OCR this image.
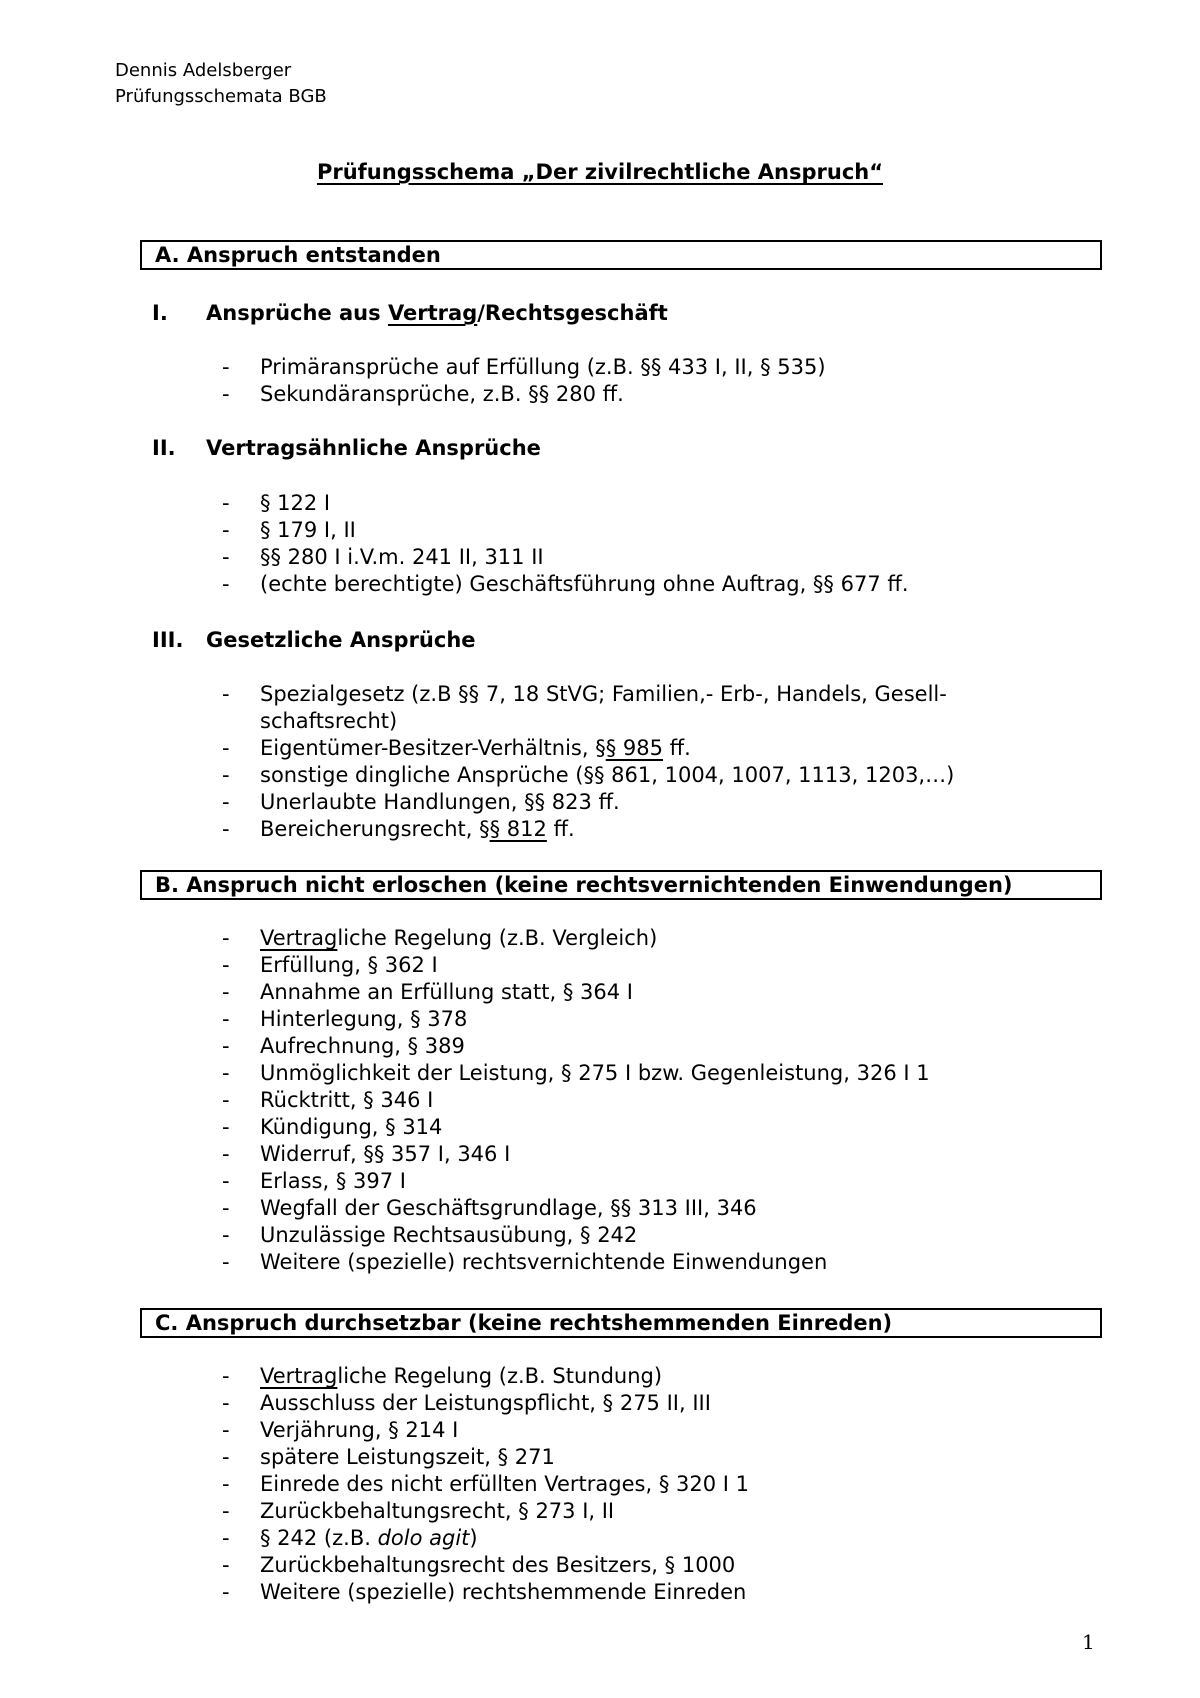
Dennis Adelsberger
Prüfungsschemata BGB
Prüfungsschema „Der zivilrechtliche Anspruch“
A. Anspruch entstanden
I. Ansprüche aus Vertrag/Rechtsgeschäft
- Primäransprüche auf Erfüllung (z.B. §§ 433 I, II, § 535)
- Sekundäransprüche, z.B. §§ 280 ff.
II. Vertragsähnliche Ansprüche
- § 122 I
- § 179 I, II
- §§ 280 I i.V.m. 241 II, 311 II
- (echte berechtigte) Geschäftsführung ohne Auftrag, §§ 677 ff.
III. Gesetzliche Ansprüche
- Spezialgesetz (z.B §§ 7, 18 StVG; Familien,- Erb-, Handels, Gesell-
schaftsrecht)
- Eigentümer-Besitzer-Verhältnis, §§ 985 ff.
- sonstige dingliche Ansprüche (§§ 861, 1004, 1007, 1113, 1203,…)
- Unerlaubte Handlungen, §§ 823 ff.
- Bereicherungsrecht, §§ 812 ff.
B. Anspruch nicht erloschen (keine rechtsvernichtenden Einwendungen)
- Vertragliche Regelung (z.B. Vergleich)
- Erfüllung, § 362 I
- Annahme an Erfüllung statt, § 364 I
- Hinterlegung, § 378
- Aufrechnung, § 389
- Unmöglichkeit der Leistung, § 275 I bzw. Gegenleistung, 326 I 1
- Rücktritt, § 346 I
- Kündigung, § 314
- Widerruf, §§ 357 I, 346 I
- Erlass, § 397 I
- Wegfall der Geschäftsgrundlage, §§ 313 III, 346
- Unzulässige Rechtsausübung, § 242
- Weitere (spezielle) rechtsvernichtende Einwendungen
C. Anspruch durchsetzbar (keine rechtshemmenden Einreden)
- Vertragliche Regelung (z.B. Stundung)
- Ausschluss der Leistungspflicht, § 275 II, III
- Verjährung, § 214 I
- spätere Leistungszeit, § 271
- Einrede des nicht erfüllten Vertrages, § 320 I 1
- Zurückbehaltungsrecht, § 273 I, II
- § 242 (z.B. dolo agit)
- Zurückbehaltungsrecht des Besitzers, § 1000
- Weitere (spezielle) rechtshemmende Einreden
1
